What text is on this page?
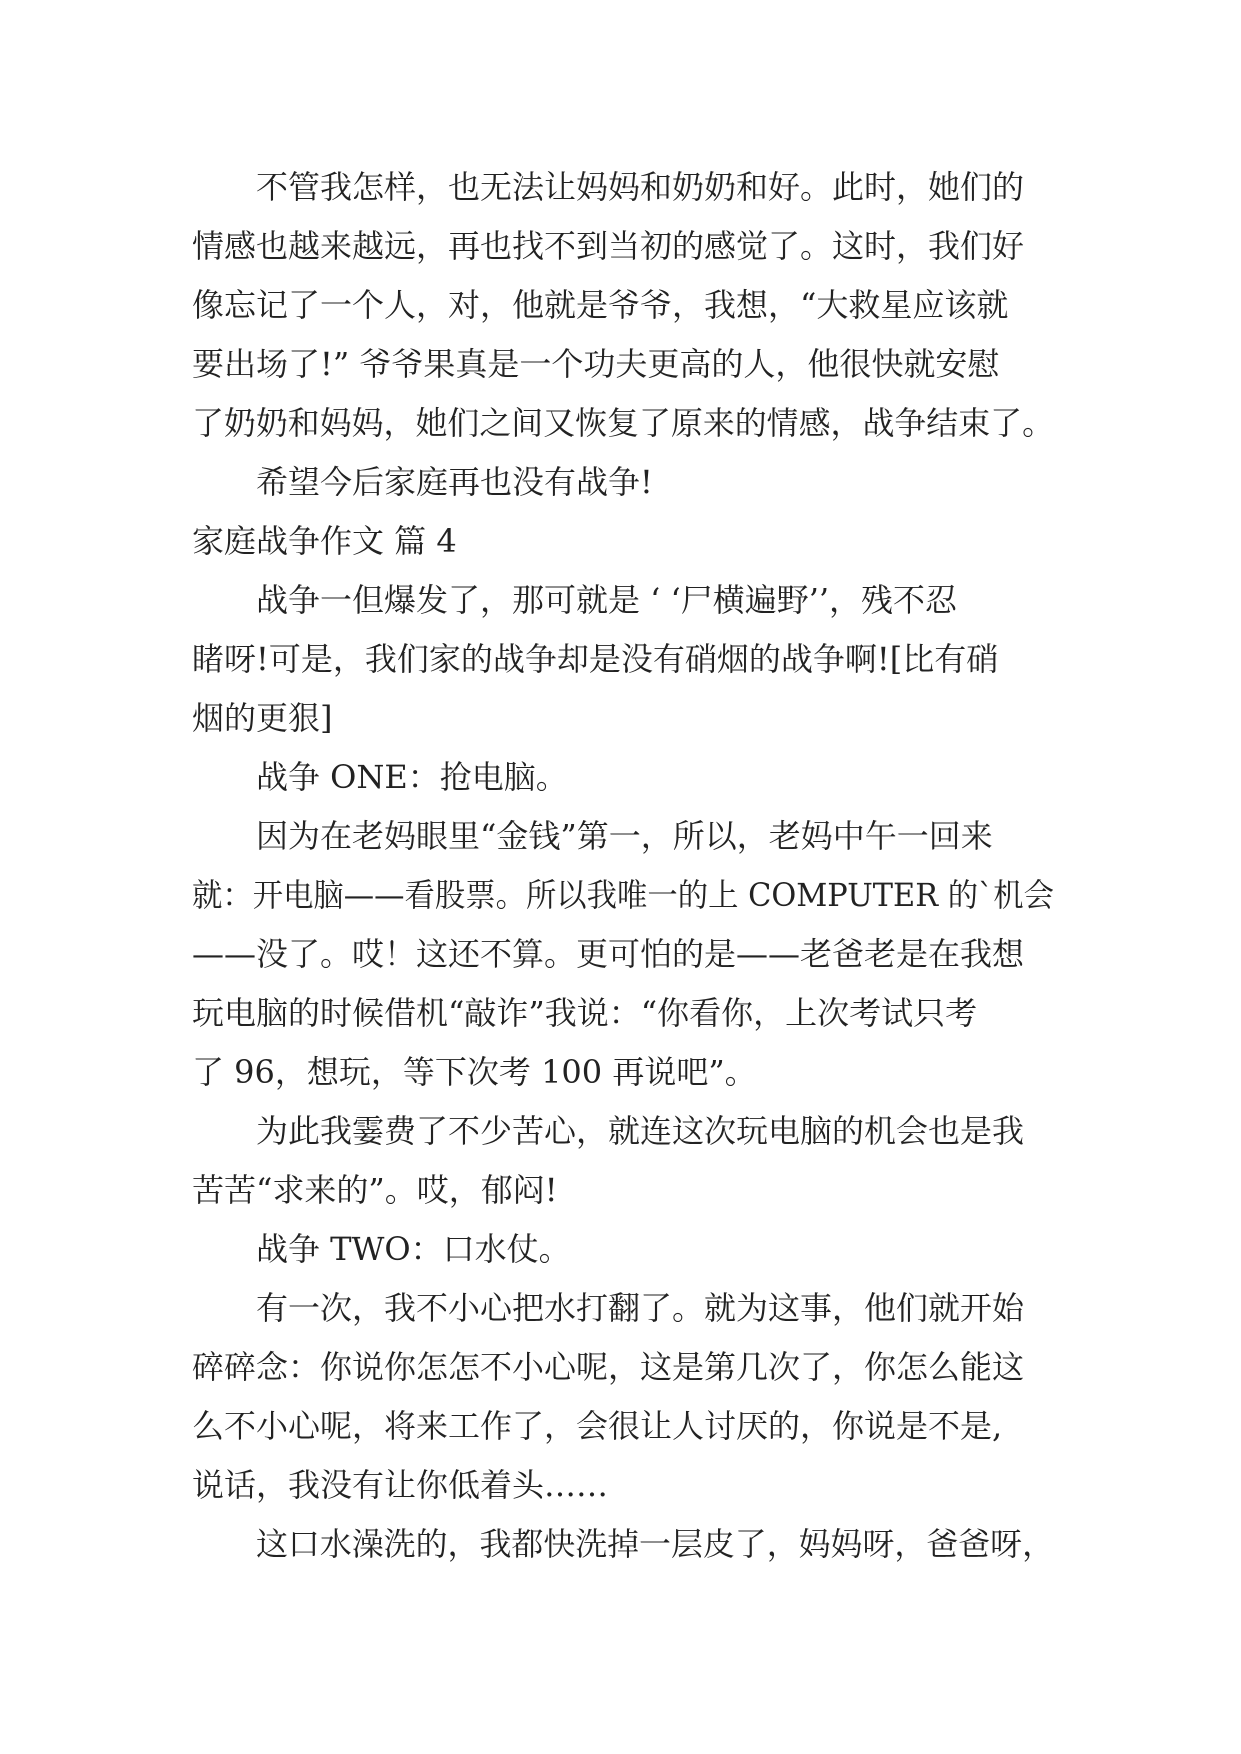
不管我怎样，也无法让妈妈和奶奶和好。此时，她们的
情感也越来越远，再也找不到当初的感觉了。这时，我们好
像忘记了一个人，对，他就是爷爷，我想，“大救星应该就
要出场了!” 爷爷果真是一个功夫更高的人，他很快就安慰
了奶奶和妈妈，她们之间又恢复了原来的情感，战争结束了。
希望今后家庭再也没有战争!
家庭战争作文 篇 4
战争一但爆发了，那可就是 ‘ ‘尸横遍野’’，残不忍
睹呀!可是，我们家的战争却是没有硝烟的战争啊![比有硝
烟的更狠]
战争 ONE：抢电脑。
因为在老妈眼里“金钱”第一，所以，老妈中午一回来
就：开电脑——看股票。所以我唯一的上 COMPUTER 的`机会
——没了。哎！这还不算。更可怕的是——老爸老是在我想
玩电脑的时候借机“敲诈”我说：“你看你，上次考试只考
了 96，想玩，等下次考 100 再说吧”。
为此我霎费了不少苦心，就连这次玩电脑的机会也是我
苦苦“求来的”。哎，郁闷!
战争 TWO：口水仗。
有一次，我不小心把水打翻了。就为这事，他们就开始
碎碎念：你说你怎怎不小心呢，这是第几次了，你怎么能这
么不小心呢，将来工作了，会很让人讨厌的，你说是不是,
说话，我没有让你低着头……
这口水澡洗的，我都快洗掉一层皮了，妈妈呀，爸爸呀，
